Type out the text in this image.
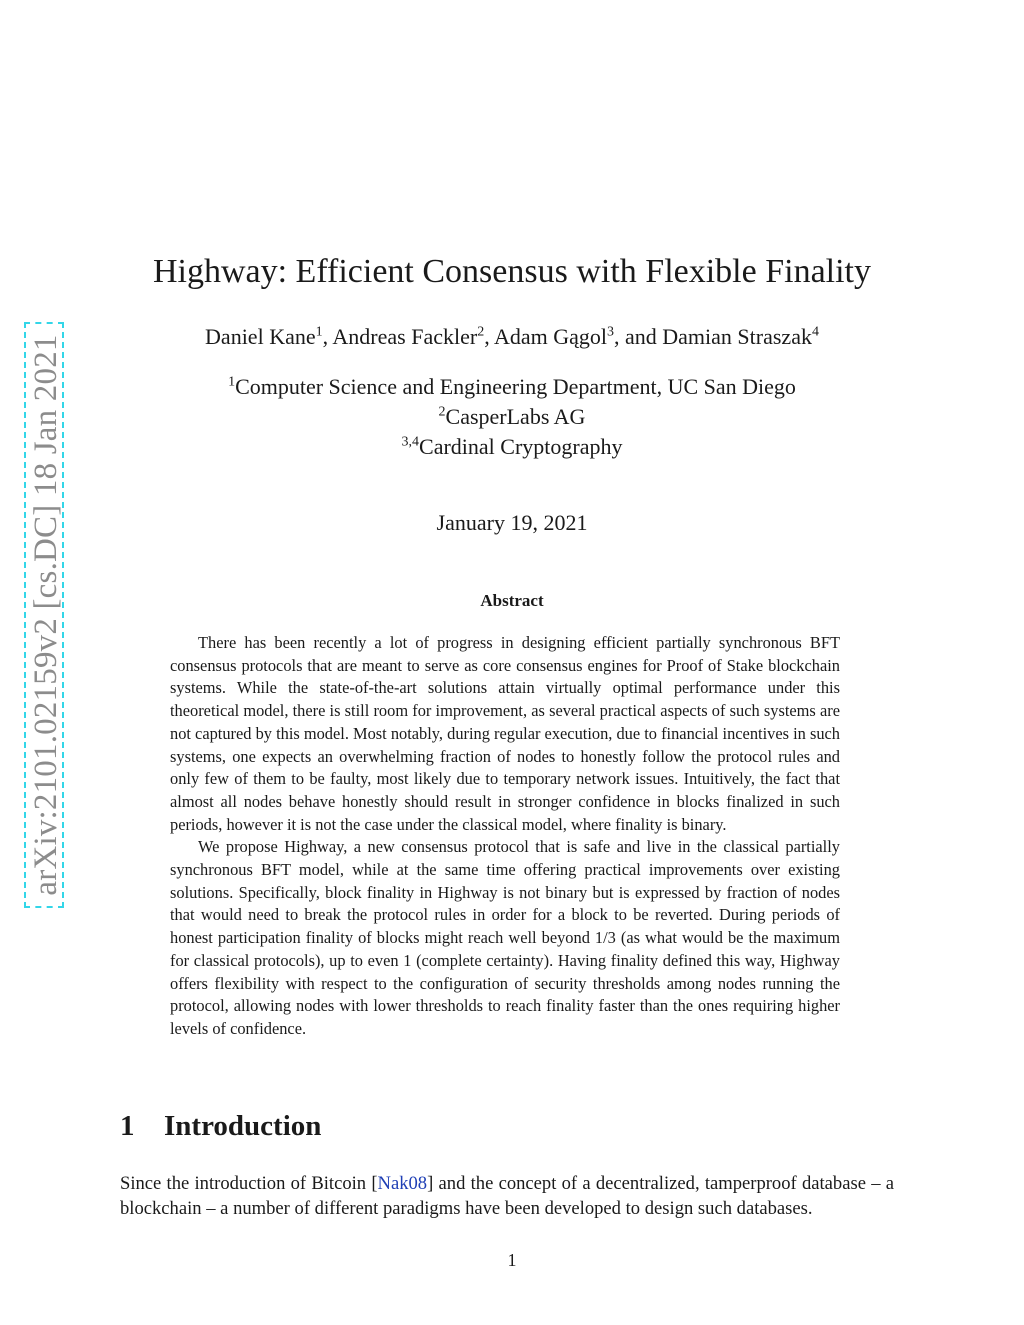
arXiv:2101.02159v2 [cs.DC] 18 Jan 2021
Highway: Efficient Consensus with Flexible Finality
Daniel Kane$^1$, Andreas Fackler$^2$, Adam Gągol$^3$, and Damian Straszak$^4$
$^1$Computer Science and Engineering Department, UC San Diego
$^2$CasperLabs AG
$^{3,4}$Cardinal Cryptography
January 19, 2021
Abstract

There has been recently a lot of progress in designing efficient partially synchronous BFT consensus protocols that are meant to serve as core consensus engines for Proof of Stake blockchain systems. While the state-of-the-art solutions attain virtually optimal performance under this theoretical model, there is still room for improvement, as several practical aspects of such systems are not captured by this model. Most notably, during regular execution, due to financial incentives in such systems, one expects an overwhelming fraction of nodes to honestly follow the protocol rules and only few of them to be faulty, most likely due to temporary network issues. Intuitively, the fact that almost all nodes behave honestly should result in stronger confidence in blocks finalized in such periods, however it is not the case under the classical model, where finality is binary.

We propose Highway, a new consensus protocol that is safe and live in the classical partially synchronous BFT model, while at the same time offering practical improvements over existing solutions. Specifically, block finality in Highway is not binary but is expressed by fraction of nodes that would need to break the protocol rules in order for a block to be reverted. During periods of honest participation finality of blocks might reach well beyond 1/3 (as what would be the maximum for classical protocols), up to even 1 (complete certainty). Having finality defined this way, Highway offers flexibility with respect to the configuration of security thresholds among nodes running the protocol, allowing nodes with lower thresholds to reach finality faster than the ones requiring higher levels of confidence.

1 Introduction

Since the introduction of Bitcoin [Nak08] and the concept of a decentralized, tamperproof database – a blockchain – a number of different paradigms have been developed to design such databases.

1
